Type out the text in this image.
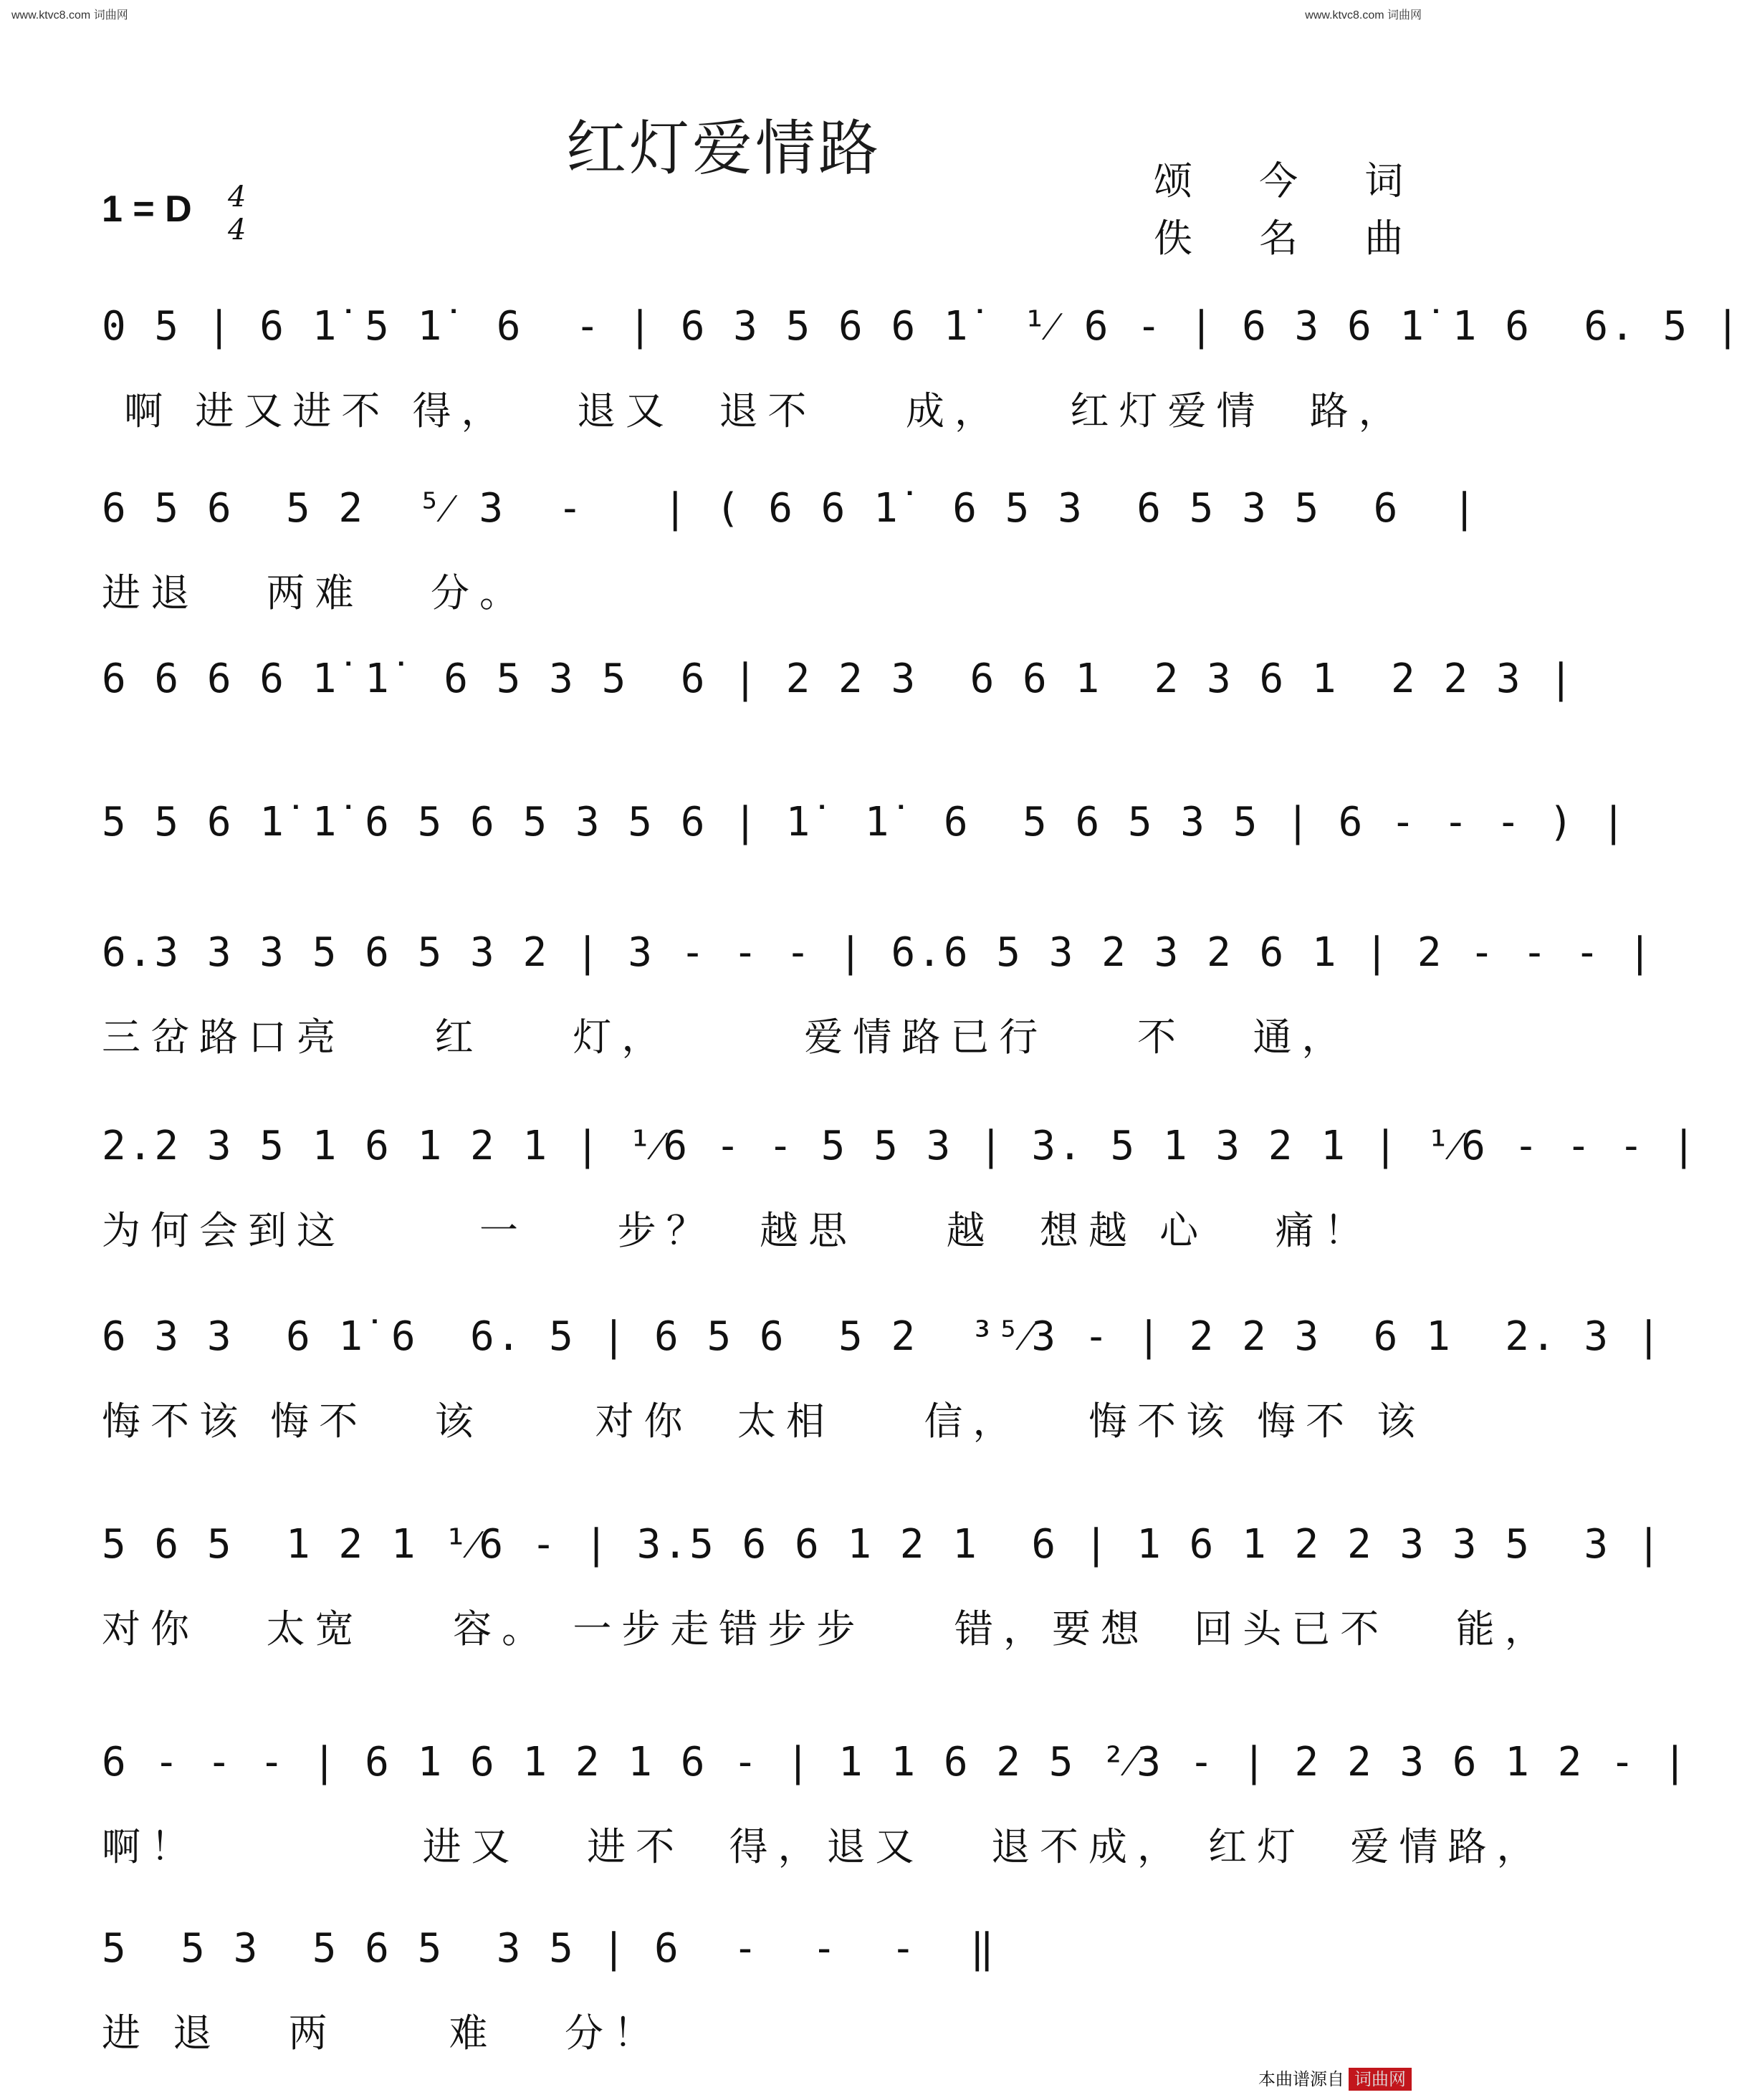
www.ktvc8.com 词曲网	www.ktvc8.com 词曲网
红灯爱情路
1 = D 4
4
颂 今 词
佚 名 曲
0 5 | 6 1̇ 5 1̇  6  - | 6 3 5 6 6 1̇  ¹⁄ 6 - | 6 3 6 1̇ 1 6  6. 5 |
啊 进又进不 得，   退又  退不    成，   红灯爱情  路，
6 5 6  5 2  ⁵⁄ 3  -   | ( 6 6 1̇  6 5 3  6 5 3 5  6  |
进退   两难   分。
6 6 6 6 1̇ 1̇  6 5 3 5  6 | 2 2 3  6 6 1  2 3 6 1  2 2 3 |
5 5 6 1̇ 1̇ 6 5 6 5 3 5 6 | 1̇  1̇  6  5 6 5 3 5 | 6 - - - ) |
6.3 3 3 5 6 5 3 2 | 3 - - - | 6.6 5 3 2 3 2 6 1 | 2 - - - |
三岔路口亮    红    灯，      爱情路已行    不   通，
2.2 3 5 1 6 1 2 1 | ¹⁄6 - - 5 5 3 | 3. 5 1 3 2 1 | ¹⁄6 - - - |
为何会到这      一    步？  越思    越  想越 心   痛！
6 3 3  6 1̇ 6  6. 5 | 6 5 6  5 2  ³⁵⁄3 - | 2 2 3  6 1  2. 3 |
悔不该 悔不   该     对你  太相    信，   悔不该 悔不 该
5 6 5  1 2 1 ¹⁄6 - | 3.5 6 6 1 2 1  6 | 1 6 1 2 2 3 3 5  3 |
对你   太宽    容。 一步走错步步    错，要想  回头已不   能，
6 - - - | 6 1 6 1 2 1 6 - | 1 1 6 2 5 ²⁄3 - | 2 2 3 6 1 2 - |
啊！          进又   进不  得，退又   退不成， 红灯  爱情路，
5  5 3  5 6 5  3 5 | 6  -  -  -  ‖
进 退   两     难   分！
本曲谱源自 词曲网
